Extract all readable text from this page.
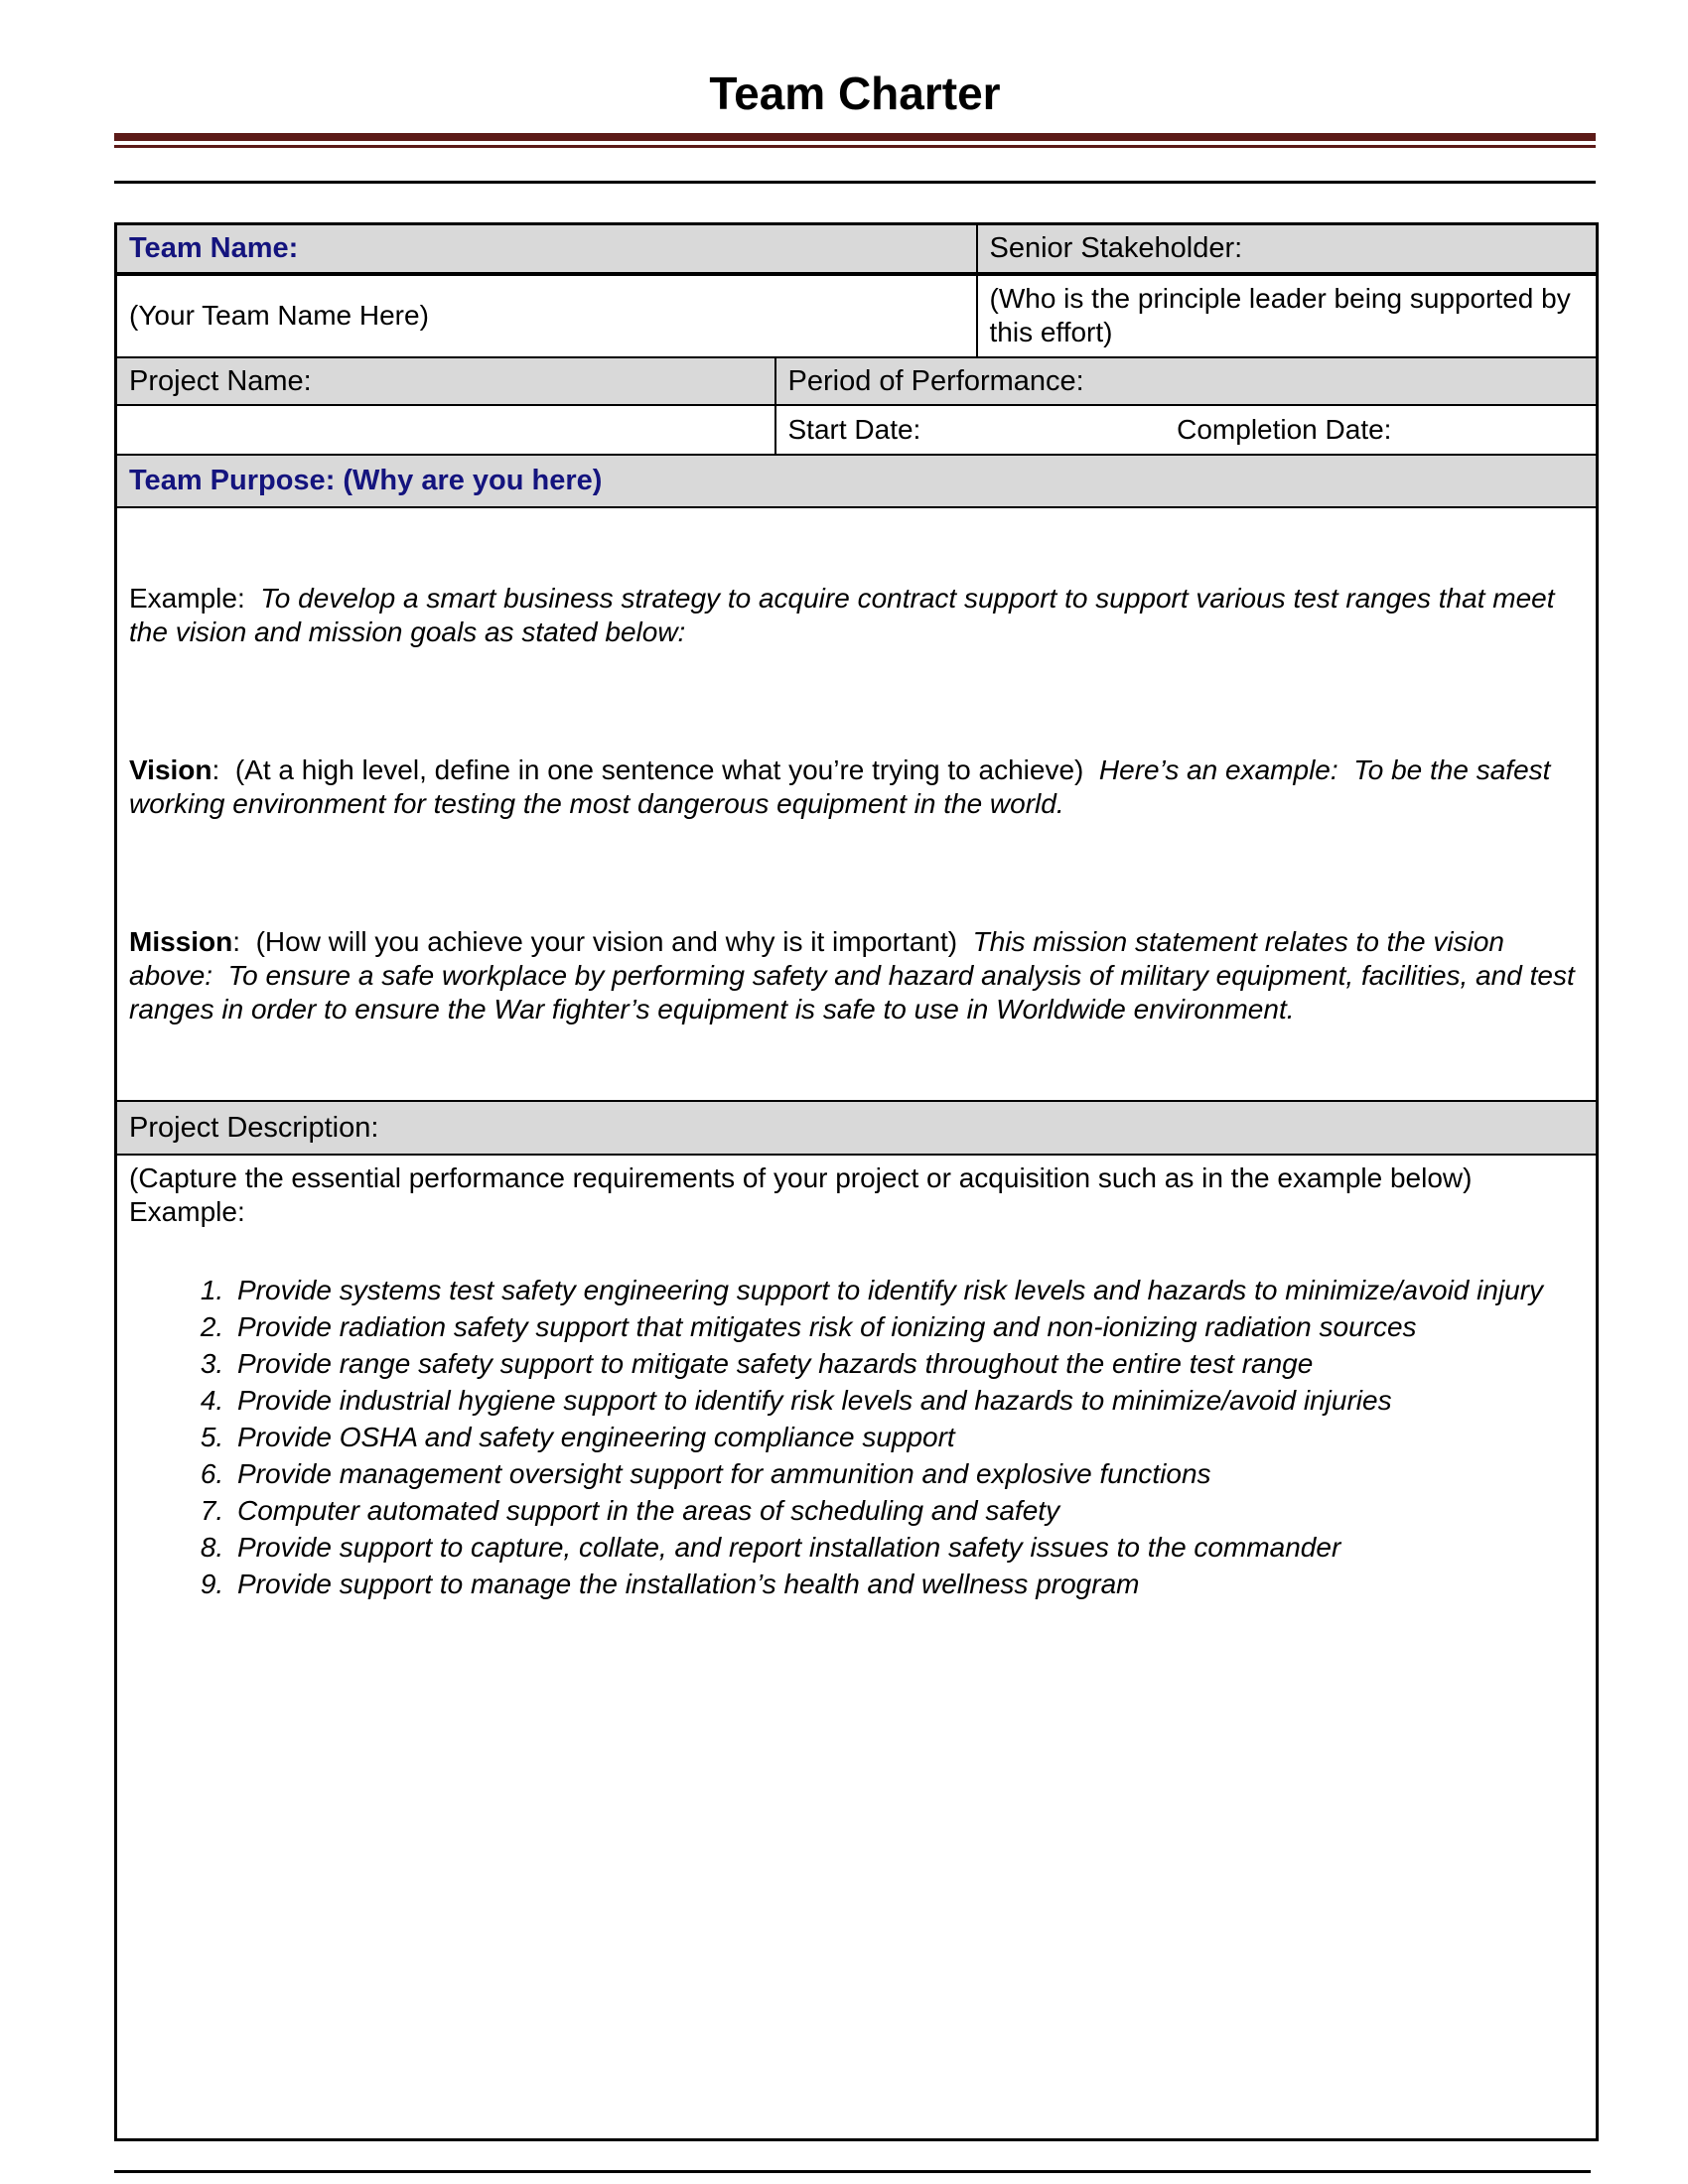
Team Charter
Team Name:		Senior Stakeholder:
(Your Team Name Here)		(Who is the principle leader being supported by this effort)
Project Name:	Period of Performance:	
	Start Date: Completion Date:	
Team Purpose: (Why are you here)		

Example:  To develop a smart business strategy to acquire contract support to support various test ranges that meet the vision and mission goals as stated below:

Vision:  (At a high level, define in one sentence what you’re trying to achieve)  Here’s an example:  To be the safest working environment for testing the most dangerous equipment in the world.

Mission:  (How will you achieve your vision and why is it important)  This mission statement relates to the vision above:  To ensure a safe workplace by performing safety and hazard analysis of military equipment, facilities, and test ranges in order to ensure the War fighter’s equipment is safe to use in Worldwide environment.		

Project Description:		

(Capture the essential performance requirements of your project or acquisition such as in the example below)
Example:
1. Provide systems test safety engineering support to identify risk levels and hazards to minimize/avoid injury
2. Provide radiation safety support that mitigates risk of ionizing and non-ionizing radiation sources
3. Provide range safety support to mitigate safety hazards throughout the entire test range
4. Provide industrial hygiene support to identify risk levels and hazards to minimize/avoid injuries
5. Provide OSHA and safety engineering compliance support
6. Provide management oversight support for ammunition and explosive functions
7. Computer automated support in the areas of scheduling and safety
8. Provide support to capture, collate, and report installation safety issues to the commander
9. Provide support to manage the installation’s health and wellness program
